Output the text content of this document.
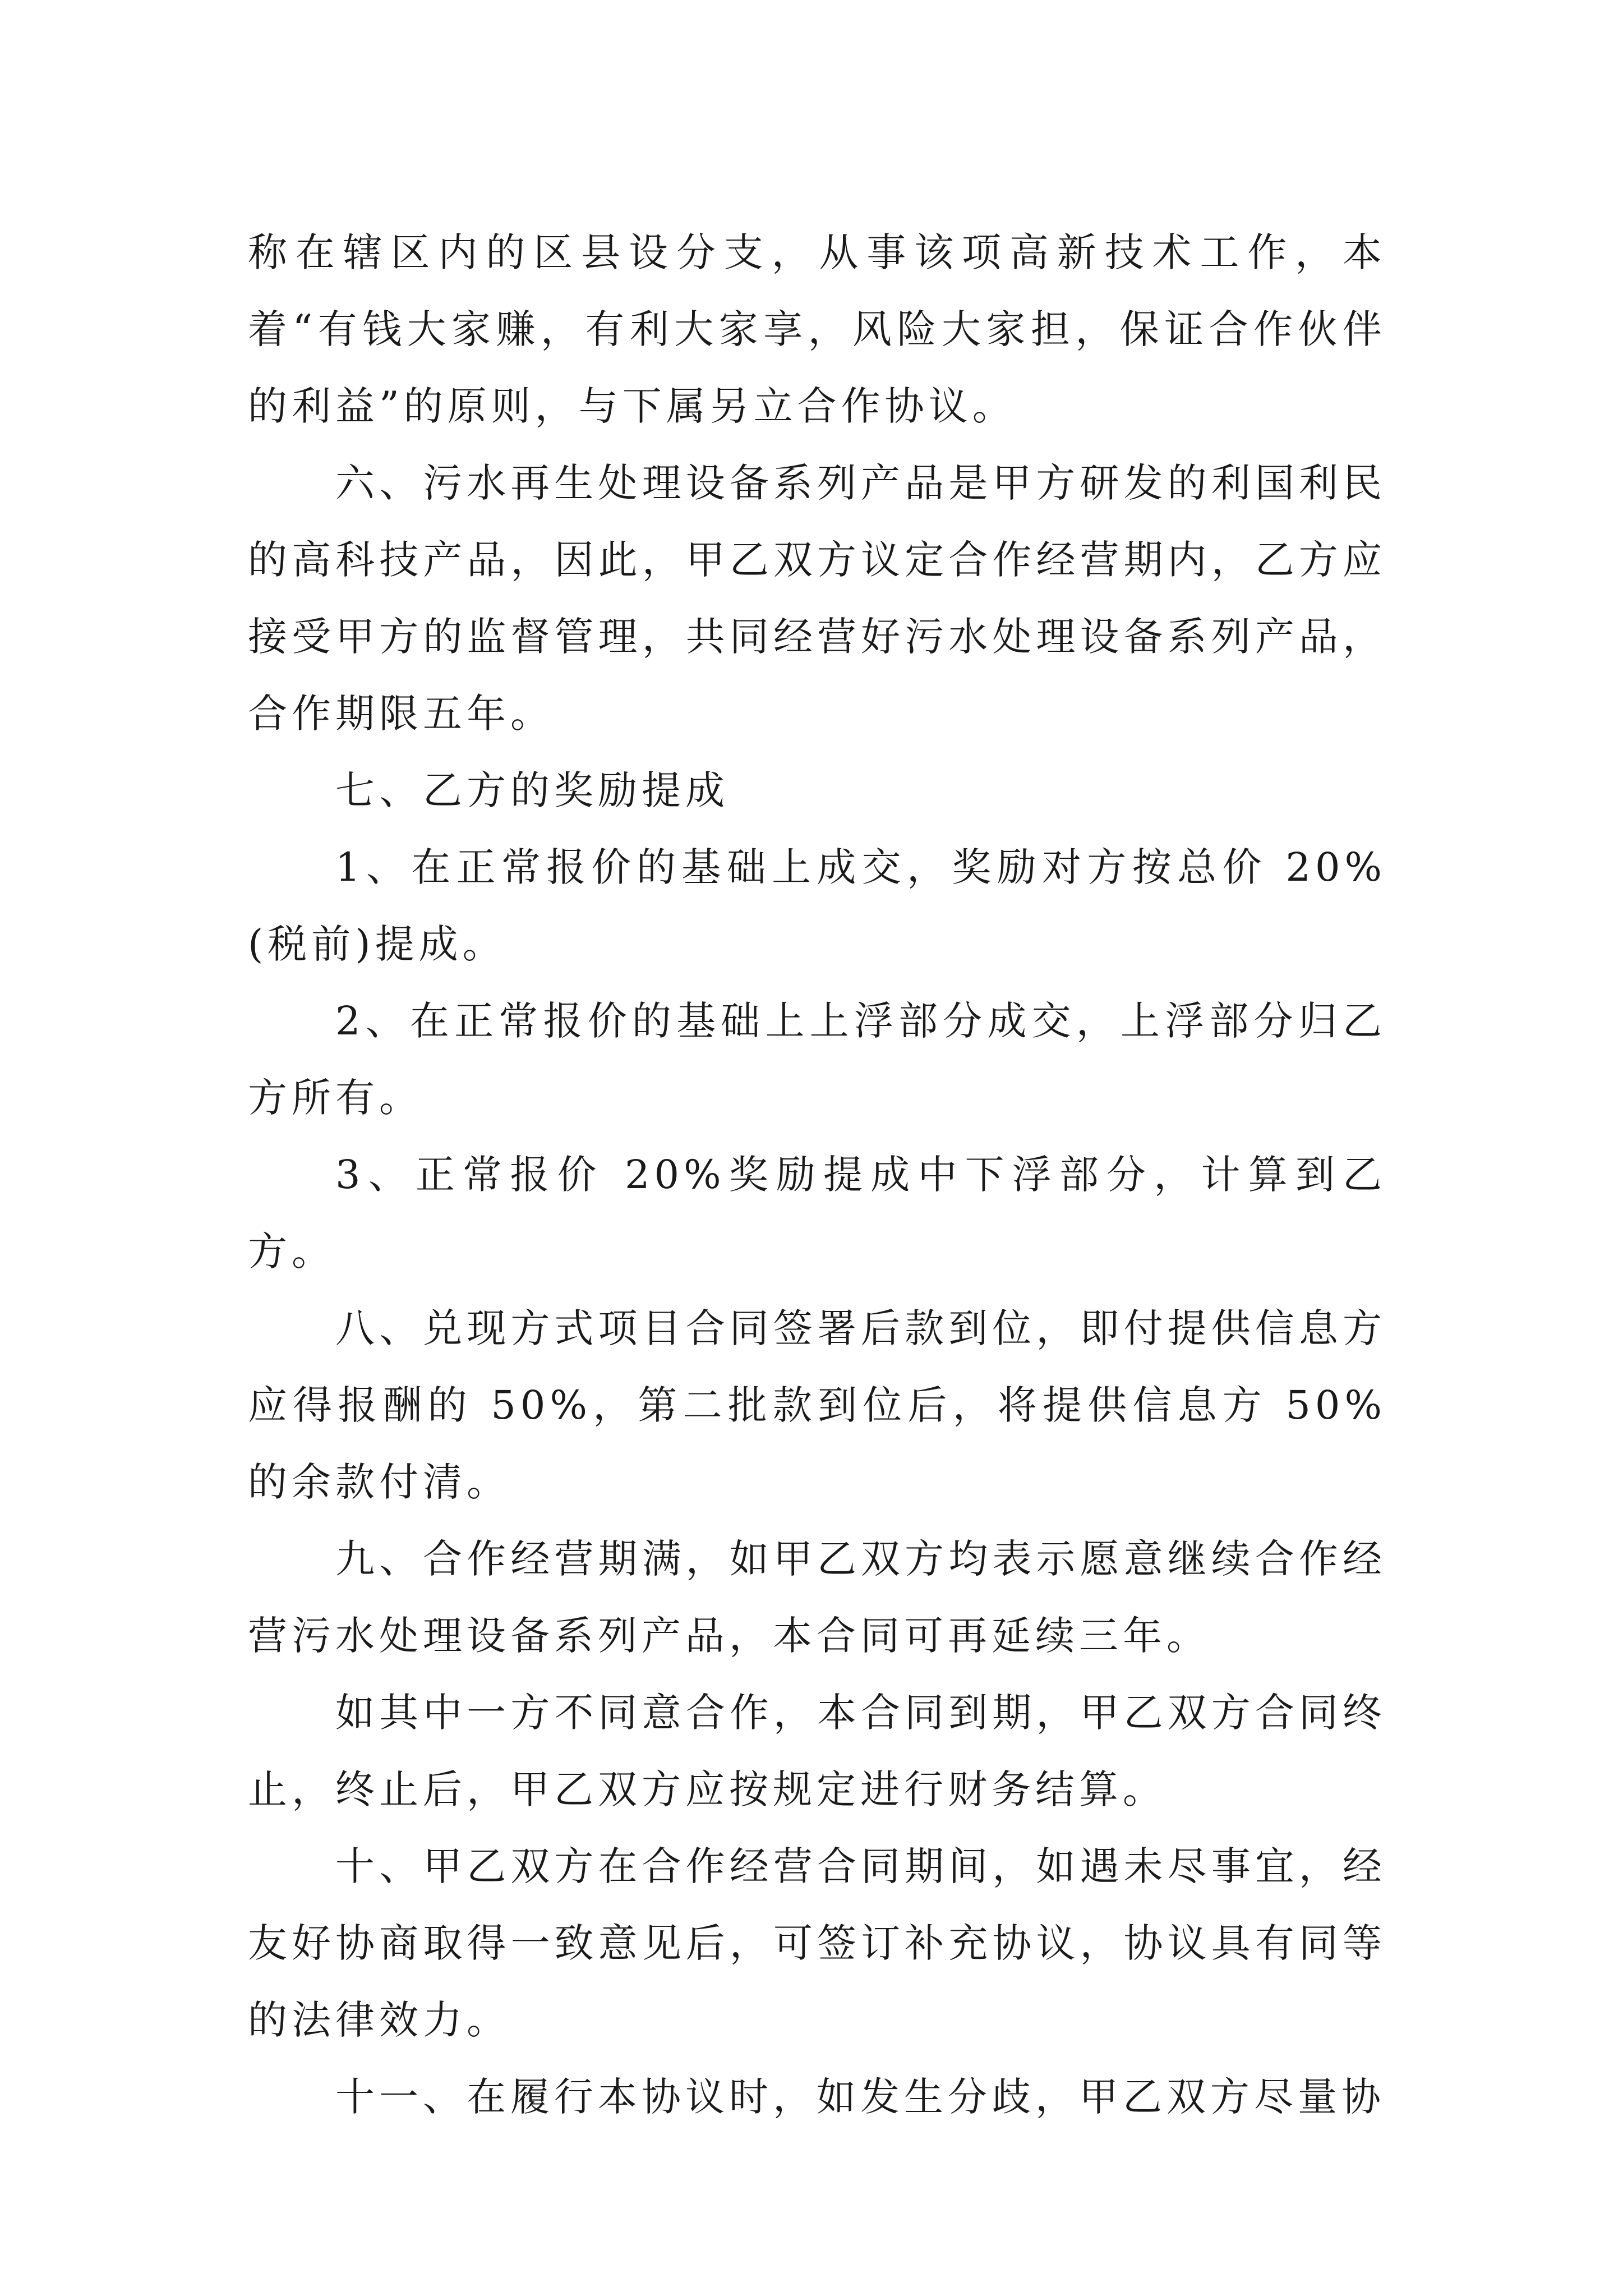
称在辖区内的区县设分支，从事该项高新技术工作，本着“有钱大家赚，有利大家享，风险大家担，保证合作伙伴的利益”的原则，与下属另立合作协议。

六、污水再生处理设备系列产品是甲方研发的利国利民的高科技产品，因此，甲乙双方议定合作经营期内，乙方应接受甲方的监督管理，共同经营好污水处理设备系列产品，合作期限五年。

七、乙方的奖励提成

1、在正常报价的基础上成交，奖励对方按总价 20%(税前)提成。

2、在正常报价的基础上上浮部分成交，上浮部分归乙方所有。

3、正常报价 20%奖励提成中下浮部分，计算到乙方。

八、兑现方式项目合同签署后款到位，即付提供信息方应得报酬的 50%，第二批款到位后，将提供信息方 50%的余款付清。

九、合作经营期满，如甲乙双方均表示愿意继续合作经营污水处理设备系列产品，本合同可再延续三年。

如其中一方不同意合作，本合同到期，甲乙双方合同终止，终止后，甲乙双方应按规定进行财务结算。

十、甲乙双方在合作经营合同期间，如遇未尽事宜，经友好协商取得一致意见后，可签订补充协议，协议具有同等的法律效力。

十一、在履行本协议时，如发生分歧，甲乙双方尽量协
